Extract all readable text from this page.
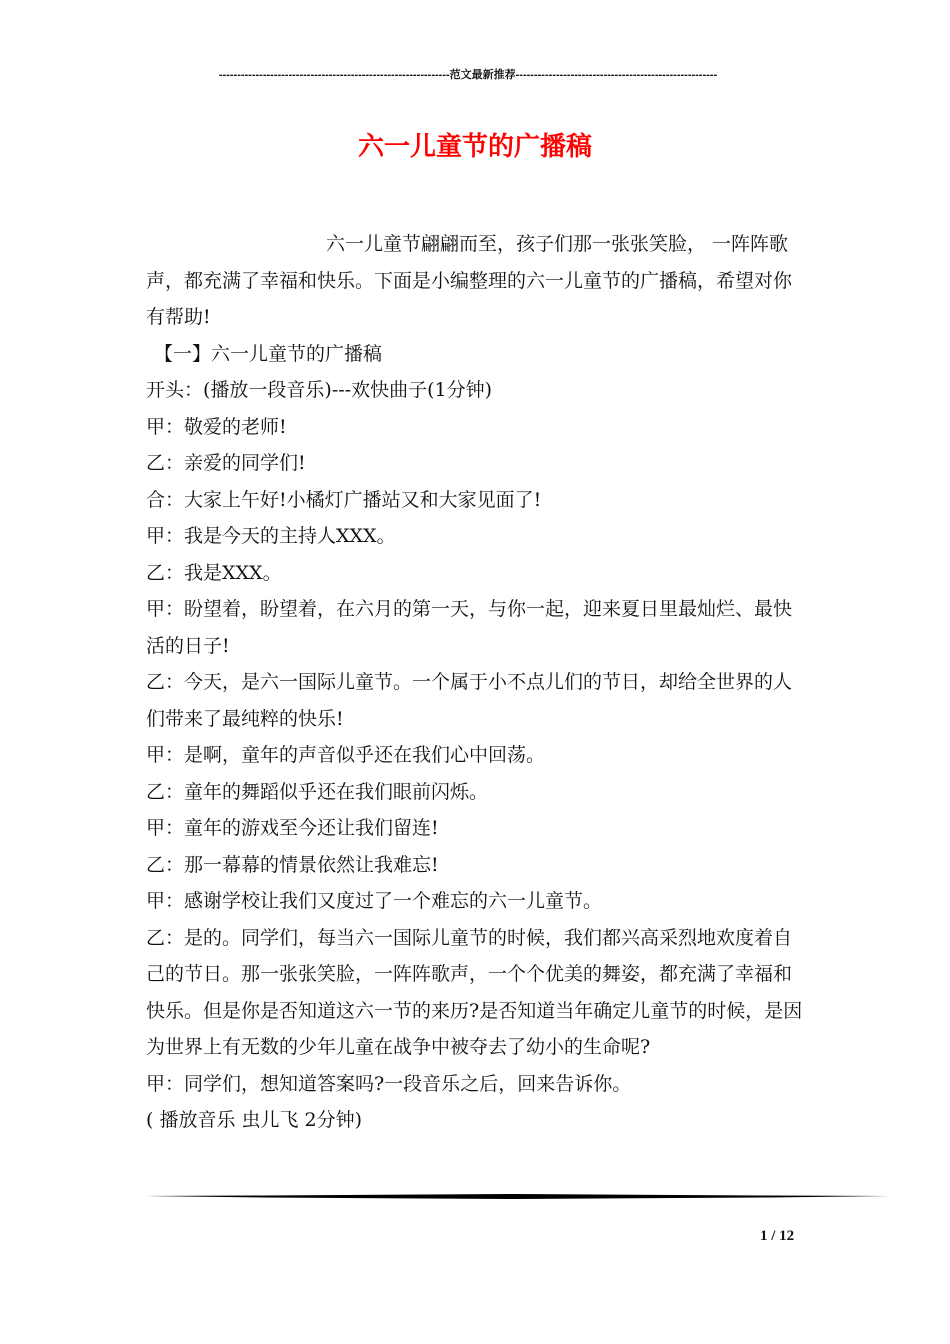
---------------------------------------------------------------范文最新推荐-------------------------------------------------------
六一儿童节的广播稿

六一儿童节翩翩而至，孩子们那一张张笑脸， 一阵阵歌声，都充满了幸福和快乐。下面是小编整理的六一儿童节的广播稿，希望对你有帮助!

【一】六一儿童节的广播稿

开头：(播放一段音乐)---欢快曲子(1分钟)

甲：敬爱的老师!

乙：亲爱的同学们!

合：大家上午好!小橘灯广播站又和大家见面了!

甲：我是今天的主持人XXX。

乙：我是XXX。

甲：盼望着，盼望着，在六月的第一天，与你一起，迎来夏日里最灿烂、最快活的日子!

乙：今天，是六一国际儿童节。一个属于小不点儿们的节日，却给全世界的人们带来了最纯粹的快乐!

甲：是啊，童年的声音似乎还在我们心中回荡。

乙：童年的舞蹈似乎还在我们眼前闪烁。

甲：童年的游戏至今还让我们留连!

乙：那一幕幕的情景依然让我难忘!

甲：感谢学校让我们又度过了一个难忘的六一儿童节。

乙：是的。同学们，每当六一国际儿童节的时候，我们都兴高采烈地欢度着自己的节日。那一张张笑脸，一阵阵歌声，一个个优美的舞姿，都充满了幸福和快乐。但是你是否知道这六一节的来历?是否知道当年确定儿童节的时候，是因为世界上有无数的少年儿童在战争中被夺去了幼小的生命呢?

甲：同学们，想知道答案吗?一段音乐之后，回来告诉你。

( 播放音乐 虫儿飞 2分钟)

1 / 12
